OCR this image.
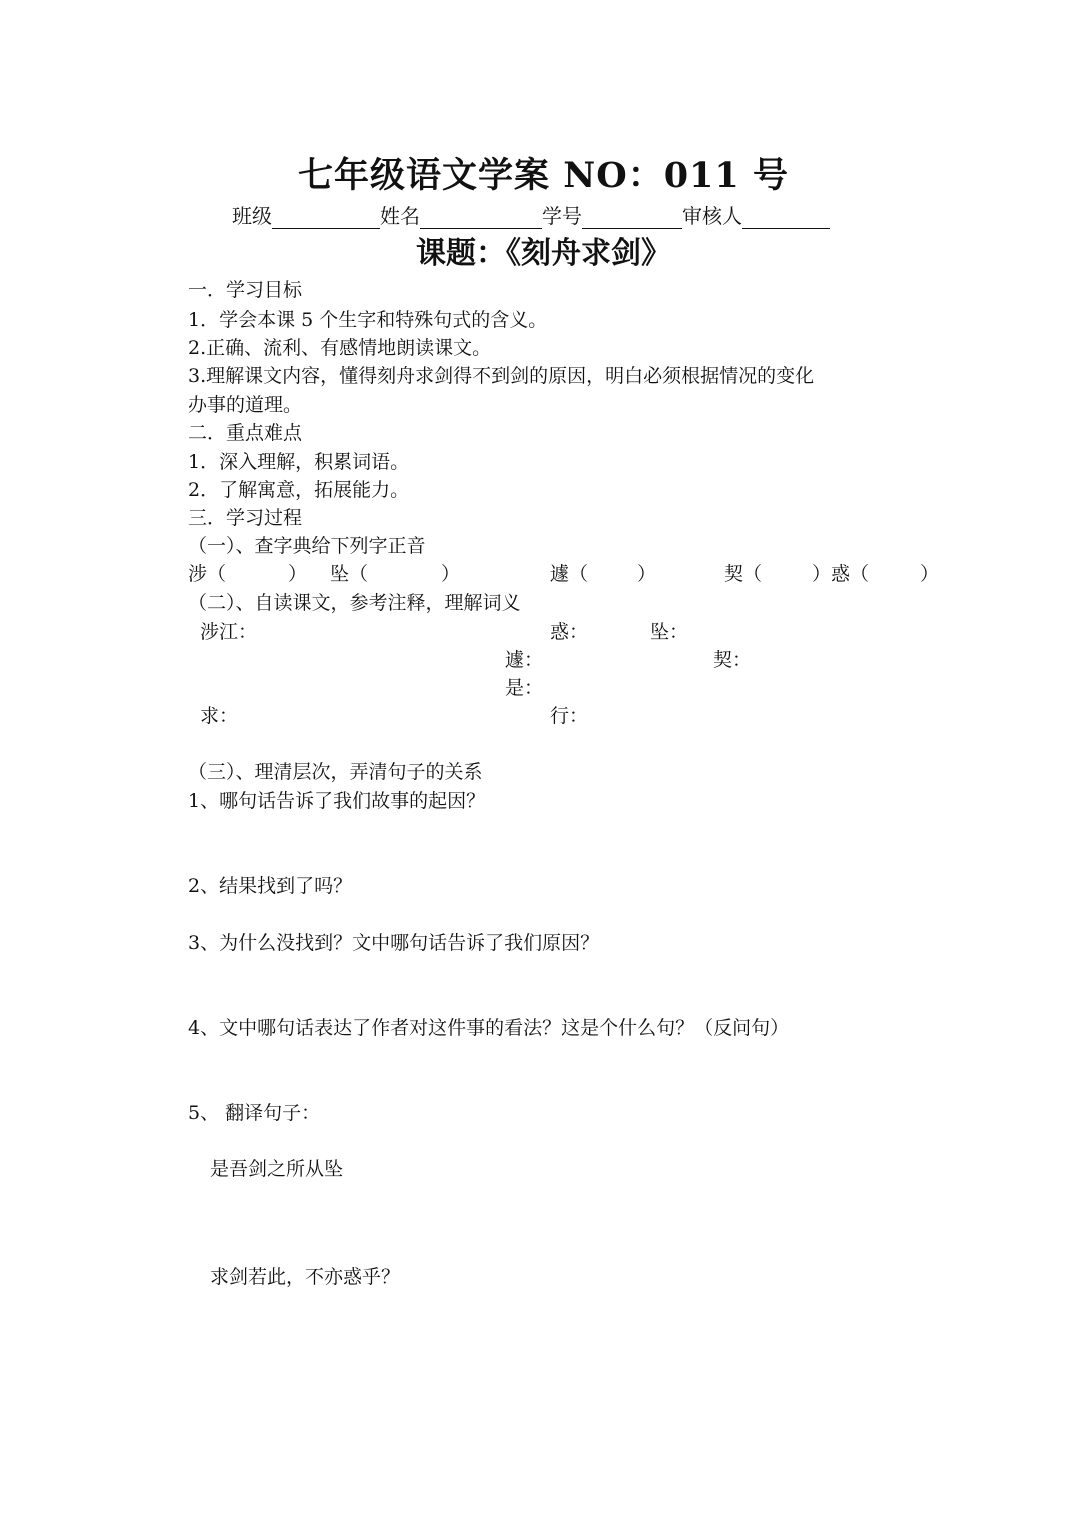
七年级语文学案 NO：011 号
班级	姓名	学号	审核人
课题：《刻舟求剑》
一．学习目标
1．学会本课 5 个生字和特殊句式的含义。
2.正确、流利、有感情地朗读课文。
3.理解课文内容，懂得刻舟求剑得不到剑的原因，明白必须根据情况的变化
办事的道理。
二．重点难点
1．深入理解，积累词语。
2．了解寓意，拓展能力。
三．学习过程
（一）、查字典给下列字正音
涉（	） 坠（	）	遽（	）	契（	）惑（	）
（二）、自读课文，参考注释，理解词义
涉江：	惑：	坠：
遽：	契：
是：
求：	行：
（三）、理清层次，弄清句子的关系
1、哪句话告诉了我们故事的起因？
2、结果找到了吗？
3、为什么没找到？文中哪句话告诉了我们原因？
4、文中哪句话表达了作者对这件事的看法？这是个什么句？（反问句）
5、 翻译句子：
是吾剑之所从坠
求剑若此，不亦惑乎？
